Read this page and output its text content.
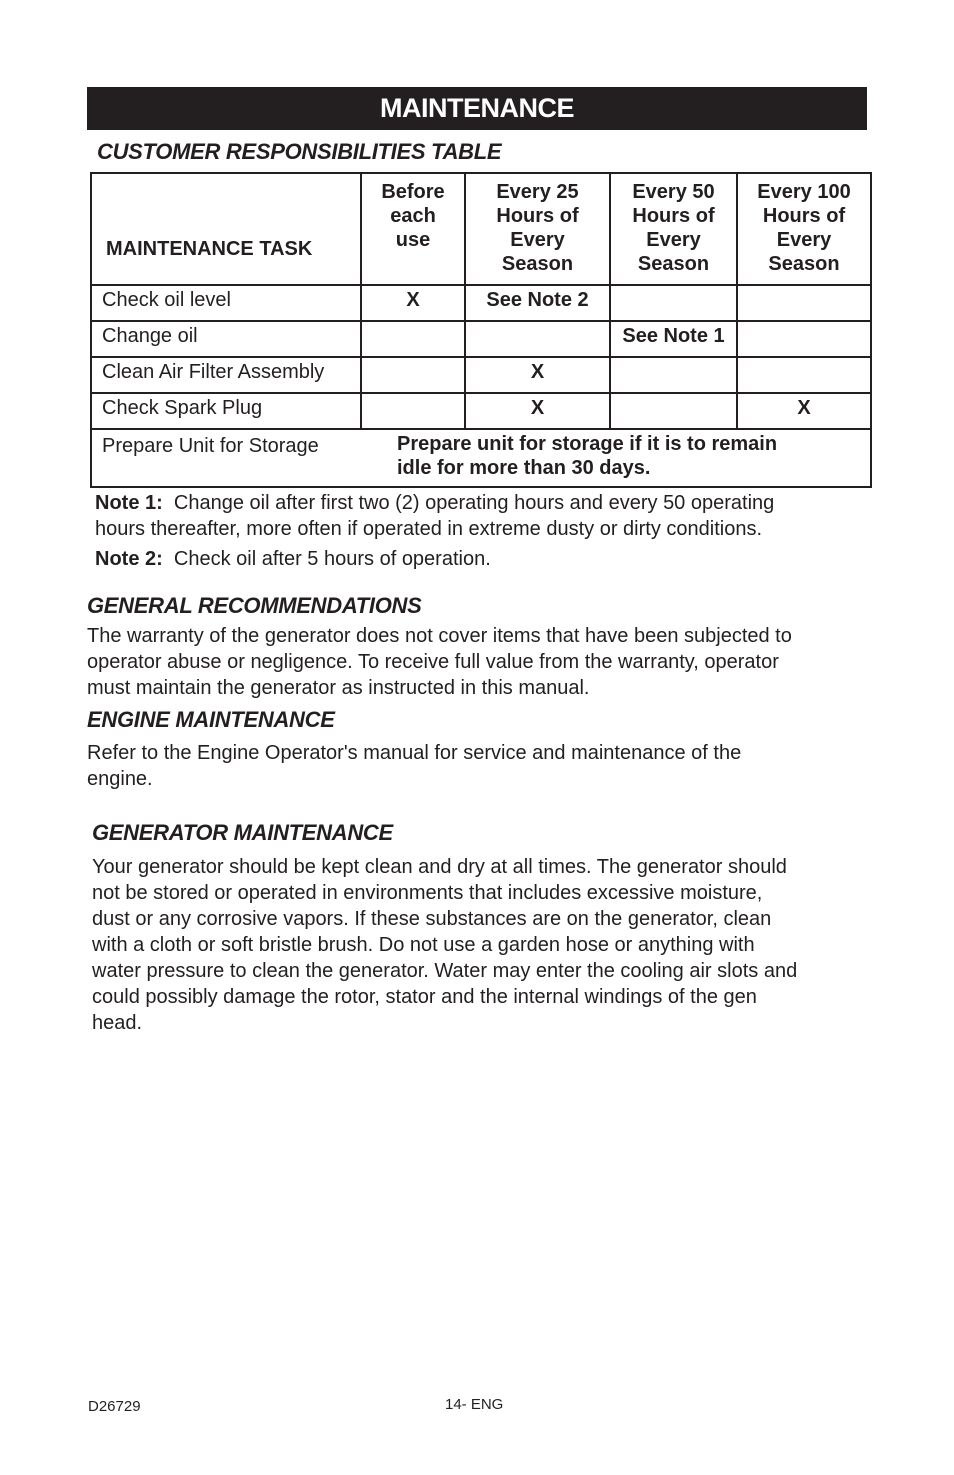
MAINTENANCE
CUSTOMER RESPONSIBILITIES TABLE
MAINTENANCE TASK	Before
each
use	Every 25
Hours of
Every
Season	Every 50
Hours of
Every
Season	Every 100
Hours of
Every
Season
Check oil level	X	See Note 2		
Change oil			See Note 1	
Clean Air Filter Assembly		X		
Check Spark Plug		X		X
Prepare Unit for Storage	Prepare unit for storage if it is to remain
idle for more than 30 days.			

Note 1: Change oil after first two (2) operating hours and every 50 operating
hours thereafter, more often if operated in extreme dusty or dirty conditions.

Note 2: Check oil after 5 hours of operation.

GENERAL RECOMMENDATIONS
The warranty of the generator does not cover items that have been subjected to
operator abuse or negligence. To receive full value from the warranty, operator
must maintain the generator as instructed in this manual.
ENGINE MAINTENANCE
Refer to the Engine Operator's manual for service and maintenance of the
engine.
GENERATOR MAINTENANCE
Your generator should be kept clean and dry at all times. The generator should
not be stored or operated in environments that includes excessive moisture,
dust or any corrosive vapors. If these substances are on the generator, clean
with a cloth or soft bristle brush. Do not use a garden hose or anything with
water pressure to clean the generator. Water may enter the cooling air slots and
could possibly damage the rotor, stator and the internal windings of the gen
head.
D26729	14- ENG
